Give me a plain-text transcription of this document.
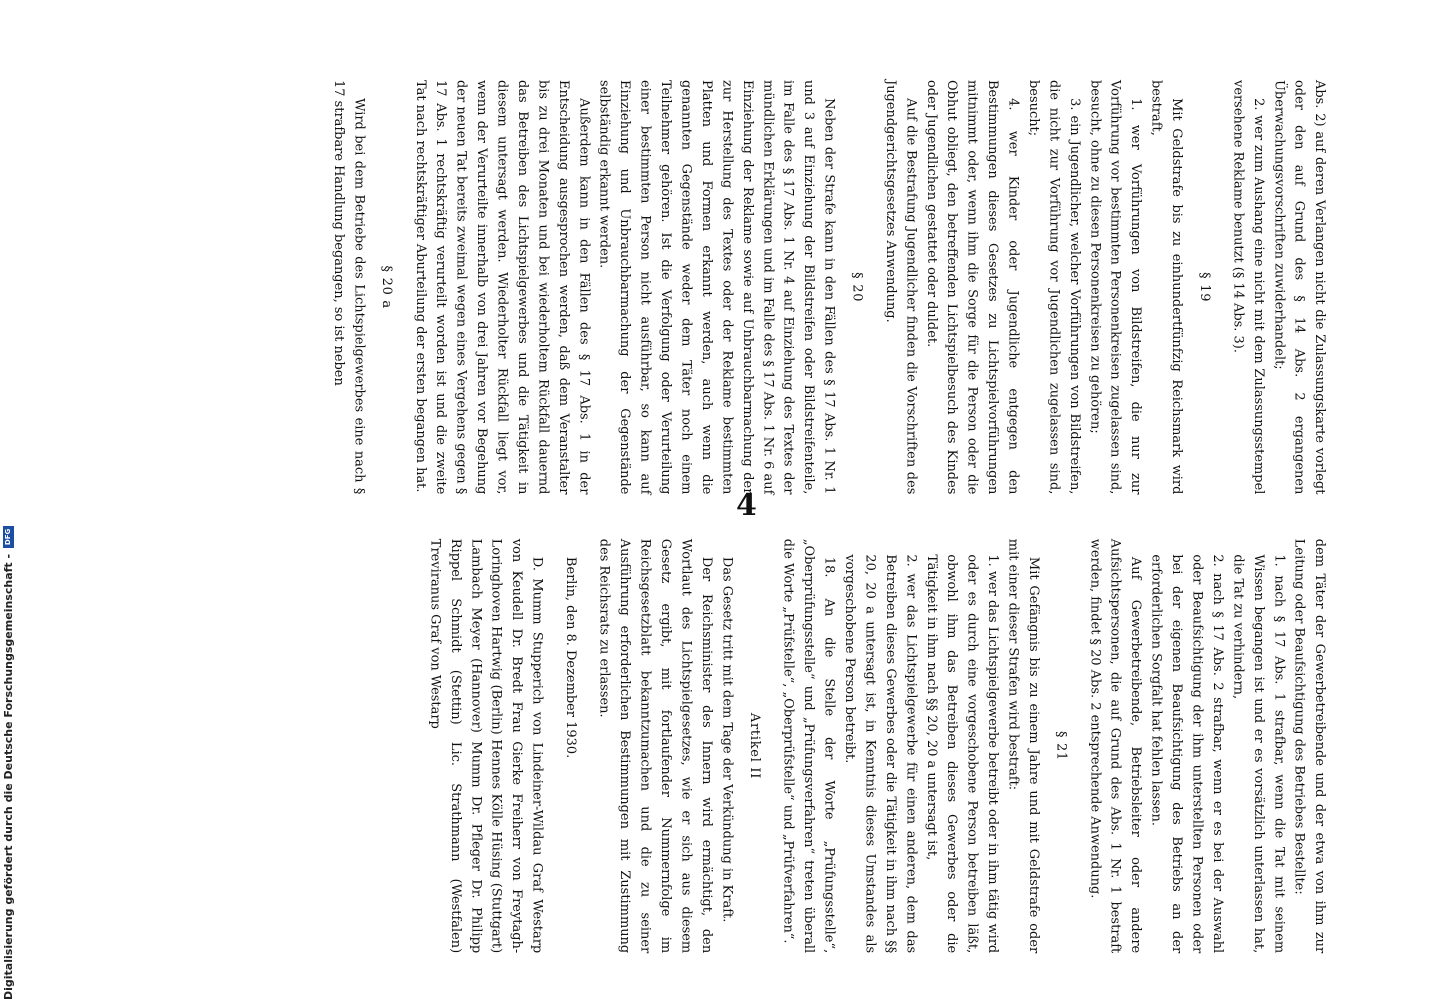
Abs. 2) auf deren Verlangen nicht die Zulassungskarte vorlegt oder den auf Grund des § 14 Abs. 2 ergangenen Überwachungsvorschriften zuwiderhandelt;

2. wer zum Aushang eine nicht mit dem Zulassungsstempel versehene Reklame benutzt (§ 14 Abs. 3).

§ 19

Mit Geldstrafe bis zu einhundertfünfzig Reichsmark wird bestraft,

1. wer Vorführungen von Bildstreifen, die nur zur Vorführung vor bestimmten Personenkreisen zugelassen sind, besucht, ohne zu diesen Personenkreisen zu gehören;

3. ein Jugendlicher, welcher Vorführungen von Bildstreifen, die nicht zur Vorführung vor Jugendlichen zugelassen sind, besucht;

4. wer Kinder oder Jugendliche entgegen den Bestimmungen dieses Gesetzes zu Lichtspielvorführungen mitnimmt oder, wenn ihm die Sorge für die Person oder die Obhut obliegt, den betreffenden Lichtspielbesuch des Kindes oder Jugendlichen gestattet oder duldet.

Auf die Bestrafung Jugendlicher finden die Vorschriften des Jugendgerichtsgesetzes Anwendung.

§ 20

Neben der Strafe kann in den Fällen des § 17 Abs. 1 Nr. 1 und 3 auf Einziehung der Bildstreifen oder Bildstreifenteile, im Falle des § 17 Abs. 1 Nr. 4 auf Einziehung des Textes der mündlichen Erklärungen und im Falle des § 17 Abs. 1 Nr. 6 auf Einziehung der Reklame sowie auf Unbrauchbarmachung der zur Herstellung des Textes oder der Reklame bestimmten Platten und Formen erkannt werden, auch wenn die genannten Gegenstände weder dem Täter noch einem Teilnehmer gehören. Ist die Verfolgung oder Verurteilung einer bestimmten Person nicht ausführbar, so kann auf Einziehung und Unbrauchbarmachung der Gegenstände selbständig erkannt werden.

Außerdem kann in den Fällen des § 17 Abs. 1 in der Entscheidung ausgesprochen werden, daß dem Veranstalter bis zu drei Monaten und bei wiederholtem Rückfall dauernd das Betreiben des Lichtspielgewerbes und die Tätigkeit in diesem untersagt werden. Wiederholter Rückfall liegt vor, wenn der Verurteilte innerhalb von drei Jahren vor Begehung der neuen Tat bereits zweimal wegen eines Vergehens gegen § 17 Abs. 1 rechtskräftig verurteilt worden ist und die zweite Tat nach rechtskräftiger Aburteilung der ersten begangen hat.

§ 20 a

Wird bei dem Betriebe des Lichtspielgewerbes eine nach § 17 strafbare Handlung begangen, so ist neben

dem Täter der Gewerbetreibende und der etwa von ihm zur Leitung oder Beaufsichtigung des Betriebes Bestellte:

1. nach § 17 Abs. 1 strafbar, wenn die Tat mit seinem Wissen begangen ist und er es vorsätzlich unterlassen hat, die Tat zu verhindern,

2. nach § 17 Abs. 2 strafbar, wenn er es bei der Auswahl oder Beaufsichtigung der ihm unterstellten Personen oder bei der eigenen Beaufsichtigung des Betriebs an der erforderlichen Sorgfalt hat fehlen lassen.

Auf Gewerbetreibende, Betriebsleiter oder andere Aufsichtspersonen, die auf Grund des Abs. 1 Nr. 1 bestraft werden, findet § 20 Abs. 2 entsprechende Anwendung.

§ 21

Mit Gefängnis bis zu einem Jahre und mit Geldstrafe oder mit einer dieser Strafen wird bestraft:

1. wer das Lichtspielgewerbe betreibt oder in ihm tätig wird oder es durch eine vorgeschobene Person betreiben läßt, obwohl ihm das Betreiben dieses Gewerbes oder die Tätigkeit in ihm nach §§ 20, 20 a untersagt ist,

2. wer das Lichtspielgewerbe für einen anderen, dem das Betreiben dieses Gewerbes oder die Tätigkeit in ihm nach §§ 20, 20 a untersagt ist, in Kenntnis dieses Umstandes als vorgeschobene Person betreibt.

18. An die Stelle der Worte „Prüfungsstelle“, „Oberprüfungsstelle“ und „Prüfungsverfahren“ treten überall die Worte „Prüfstelle“, „Oberprüfstelle“ und „Prüfverfahren“.

Artikel II

Das Gesetz tritt mit dem Tage der Verkündung in Kraft.

Der Reichsminister des Innern wird ermächtigt, den Wortlaut des Lichtspielgesetzes, wie er sich aus diesem Gesetz ergibt, mit fortlaufender Nummernfolge im Reichsgesetzblatt bekanntzumachen und die zu seiner Ausführung erforderlichen Bestimmungen mit Zustimmung des Reichsrats zu erlassen.

Berlin, den 8. Dezember 1930.

D. Mumm Stupperich von Lindeiner-Wildau Graf Westarp von Keudell Dr. Bredt Frau Gierke Freiherr von Freytagh-Loringhoven Hartwig (Berlin) Hennes Kölle Hüsing (Stuttgart) Lambach Meyer (Hannover) Mumm Dr. Pfleger Dr. Philipp Rippel Schmidt (Stettin) Lic. Strathmann (Westfalen) Treviranus Graf von Westarp

4

Digitalisierung gefördert durch die Deutsche Forschungsgemeinschaft -
DFG
